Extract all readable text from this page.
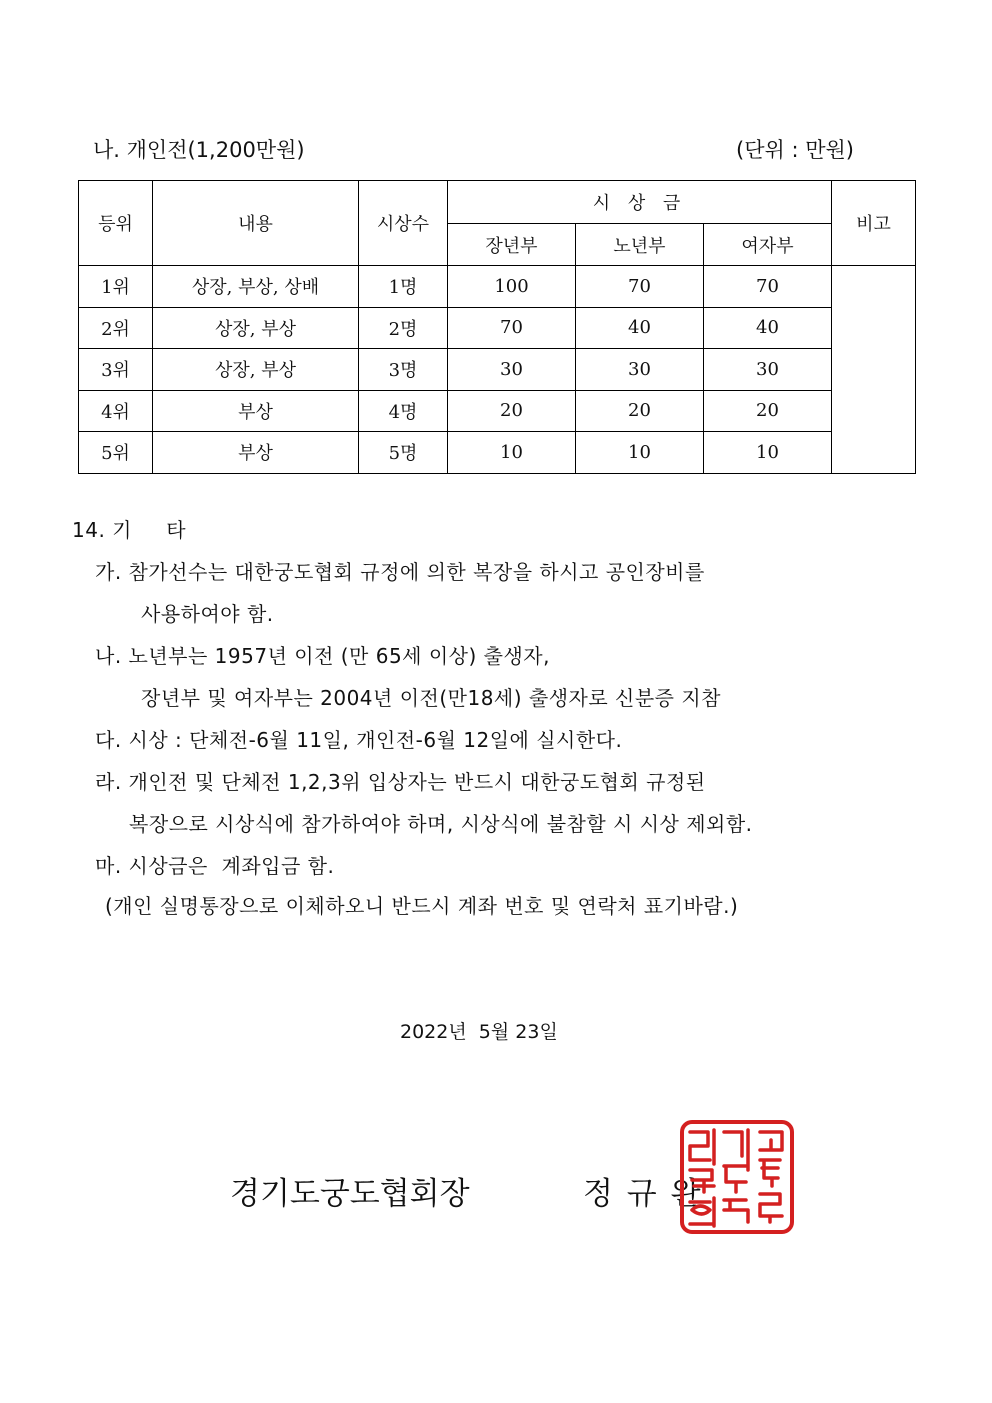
나. 개인전(1,200만원)	(단위 : 만원)
등위	내용	시상수	시 상 금			비고
			장년부	노년부	여자부	
1위	상장, 부상, 상배	1명	100	70	70	
2위	상장, 부상	2명	70	40	40	
3위	상장, 부상	3명	30	30	30	
4위	부상	4명	20	20	20	
5위	부상	5명	10	10	10	
14. 기     타
가. 참가선수는 대한궁도협회 규정에 의한 복장을 하시고 공인장비를
사용하여야 함.
나. 노년부는 1957년 이전 (만 65세 이상) 출생자,
장년부 및 여자부는 2004년 이전(만18세) 출생자로 신분증 지참
다. 시상 : 단체전-6월 11일, 개인전-6월 12일에 실시한다.
라. 개인전 및 단체전 1,2,3위 입상자는 반드시 대한궁도협회 규정된
복장으로 시상식에 참가하여야 하며, 시상식에 불참할 시 시상 제외함.
마. 시상금은  계좌입금 함.
(개인 실명통장으로 이체하오니 반드시 계좌 번호 및 연락처 표기바람.)
2022년  5월 23일
경기도궁도협회장	정 규 완
